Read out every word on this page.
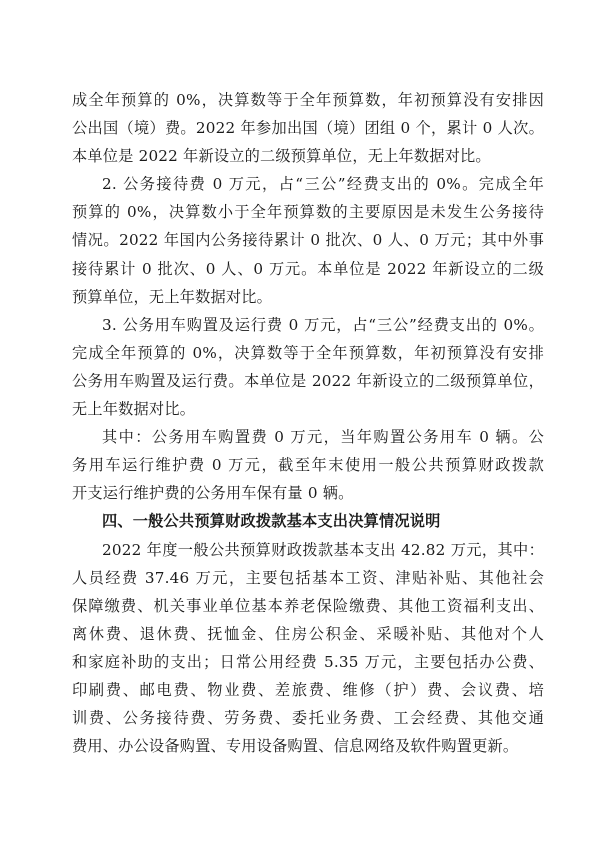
成全年预算的 0%，决算数等于全年预算数，年初预算没有安排因
公出国（境）费。2022 年参加出国（境）团组 0 个，累计 0 人次。
本单位是 2022 年新设立的二级预算单位，无上年数据对比。
2. 公务接待费 0 万元，占“三公”经费支出的 0%。完成全年
预算的 0%，决算数小于全年预算数的主要原因是未发生公务接待
情况。2022 年国内公务接待累计 0 批次、0 人、0 万元；其中外事
接待累计 0 批次、0 人、0 万元。本单位是 2022 年新设立的二级
预算单位，无上年数据对比。
3. 公务用车购置及运行费 0 万元，占“三公”经费支出的 0%。
完成全年预算的 0%，决算数等于全年预算数，年初预算没有安排
公务用车购置及运行费。本单位是 2022 年新设立的二级预算单位，
无上年数据对比。
其中：公务用车购置费 0 万元，当年购置公务用车 0 辆。公
务用车运行维护费 0 万元，截至年末使用一般公共预算财政拨款
开支运行维护费的公务用车保有量 0 辆。
四、一般公共预算财政拨款基本支出决算情况说明
2022 年度一般公共预算财政拨款基本支出 42.82 万元，其中：
人员经费 37.46 万元，主要包括基本工资、津贴补贴、其他社会
保障缴费、机关事业单位基本养老保险缴费、其他工资福利支出、
离休费、退休费、抚恤金、住房公积金、采暖补贴、其他对个人
和家庭补助的支出；日常公用经费 5.35 万元，主要包括办公费、
印刷费、邮电费、物业费、差旅费、维修（护）费、会议费、培
训费、公务接待费、劳务费、委托业务费、工会经费、其他交通
费用、办公设备购置、专用设备购置、信息网络及软件购置更新。
